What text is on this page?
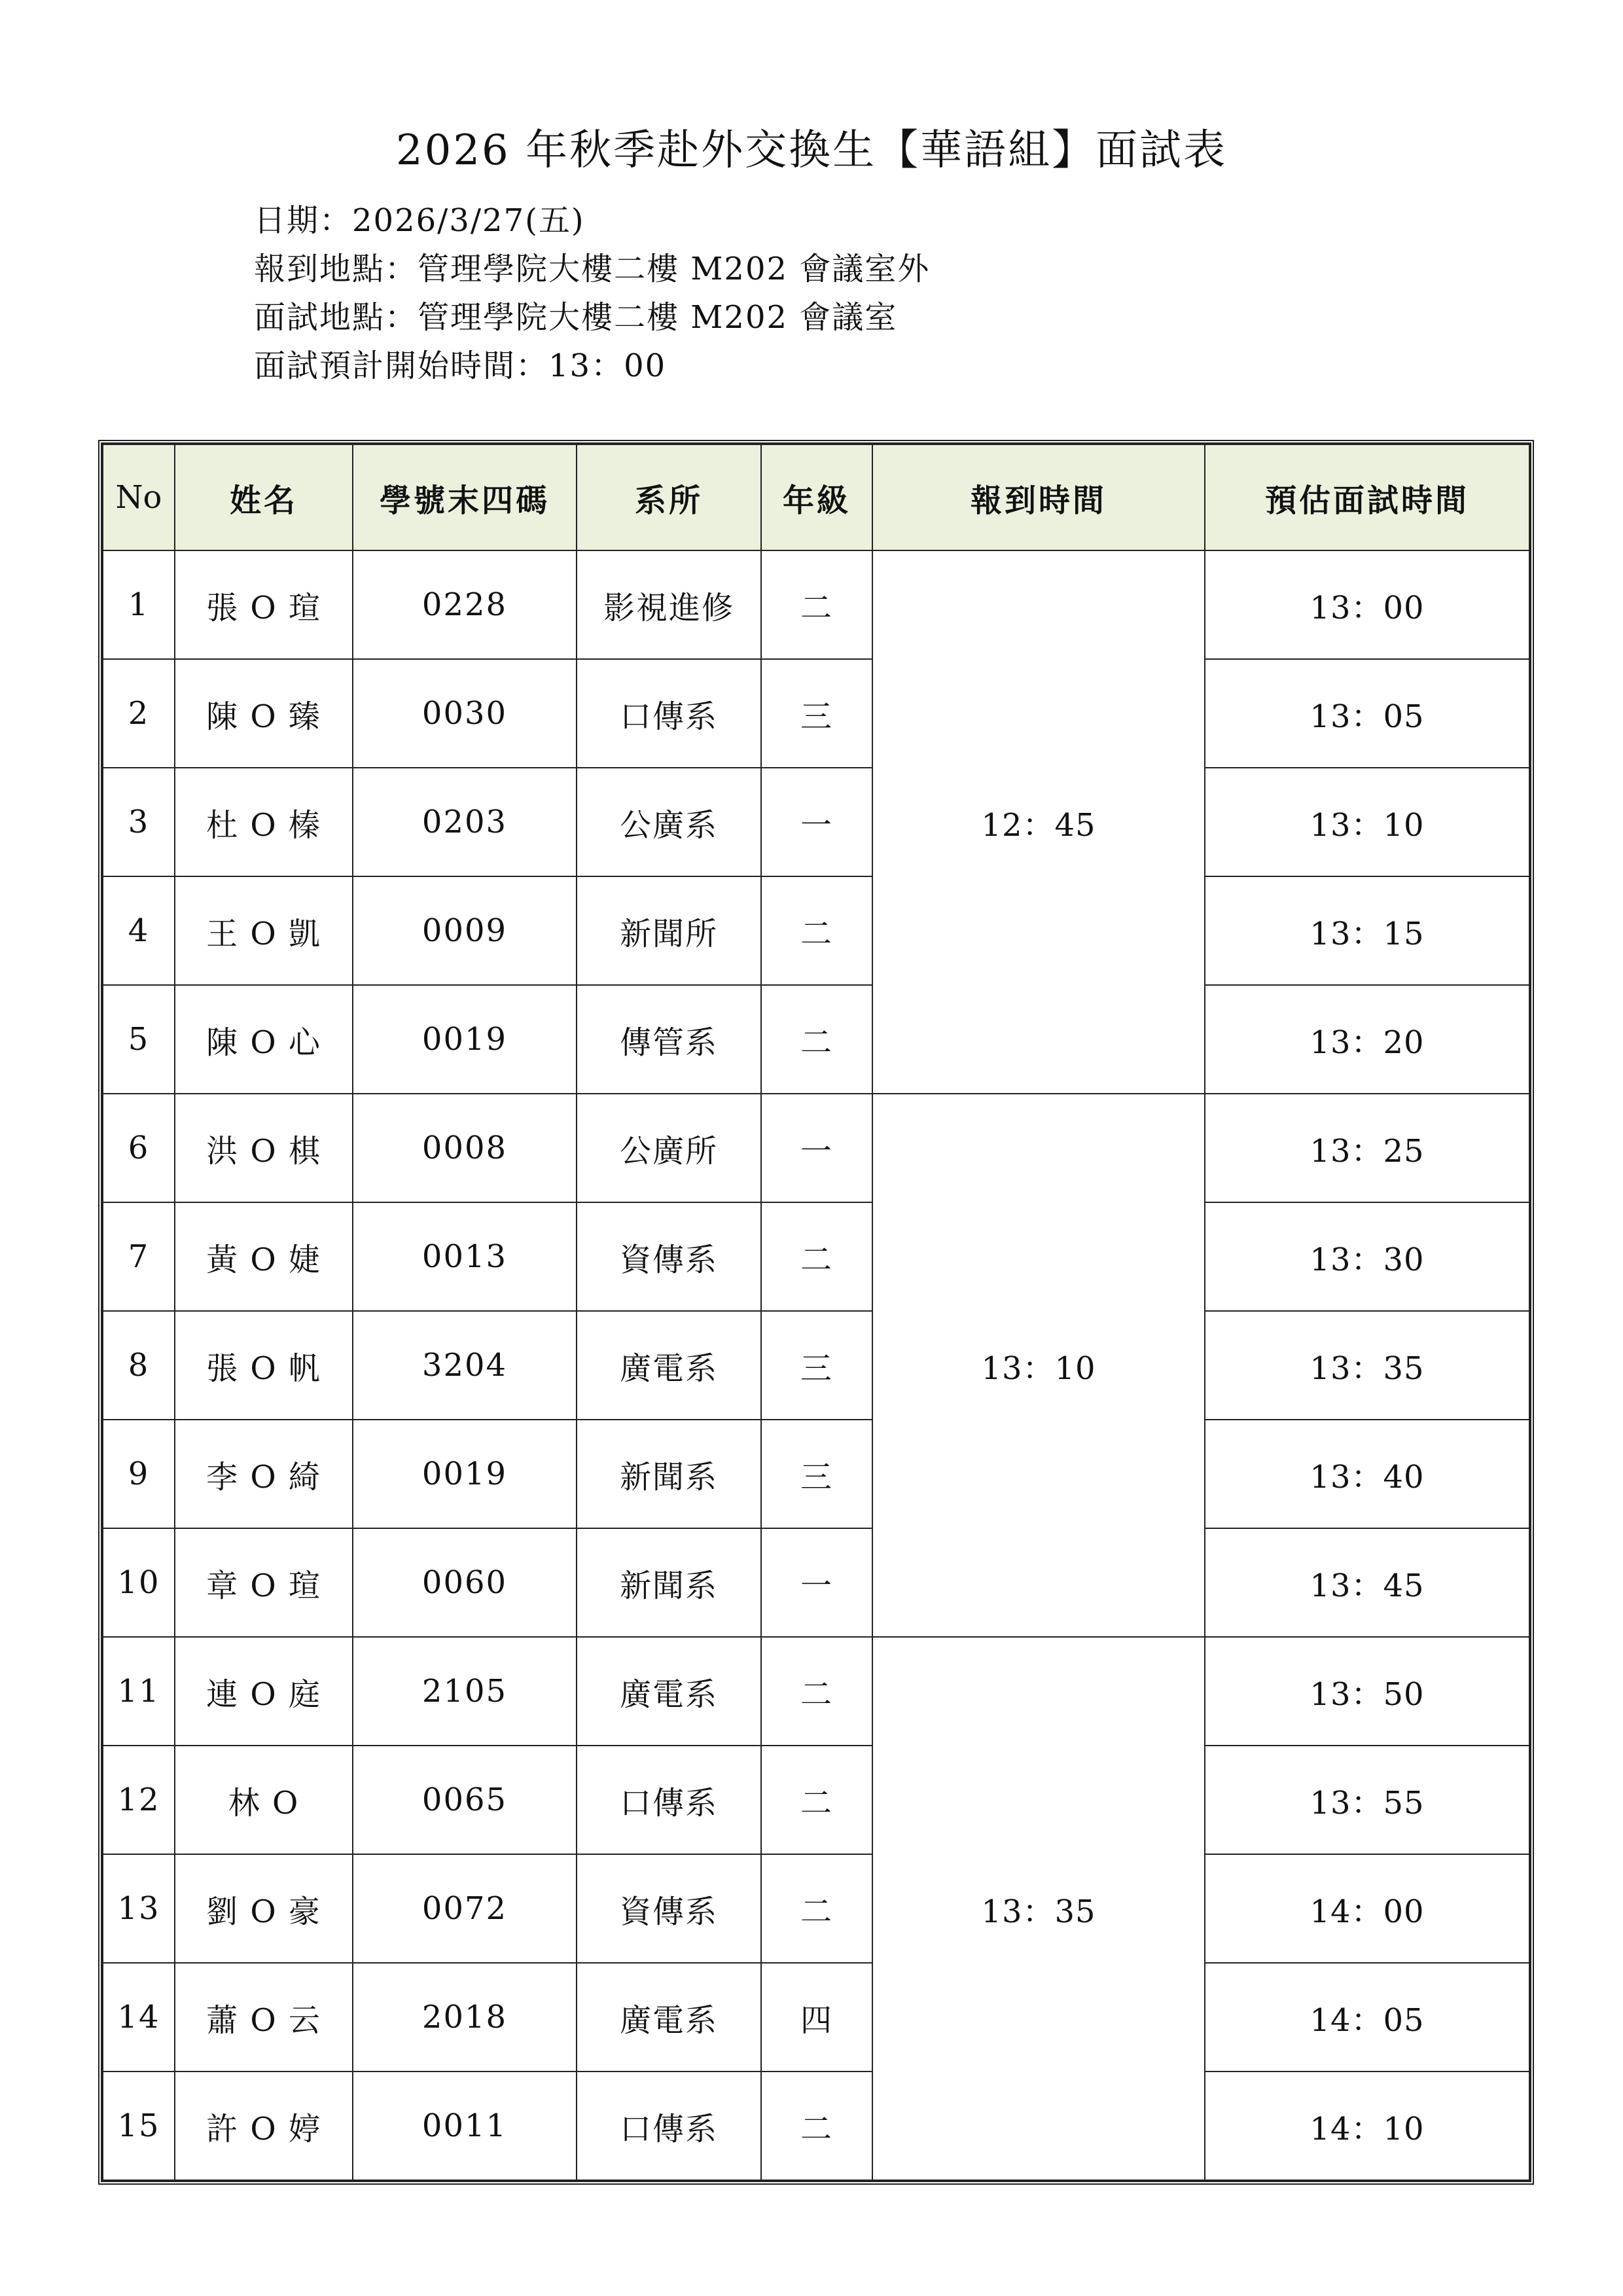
2026 年秋季赴外交換生【華語組】面試表
日期：2026/3/27(五)
報到地點：管理學院大樓二樓 M202 會議室外
面試地點：管理學院大樓二樓 M202 會議室
面試預計開始時間：13：00
No	姓名	學號末四碼	系所	年級	報到時間	預估面試時間
1	張 O 瑄	0228	影視進修	二	12：45	13：00
2	陳 O 臻	0030	口傳系	三		13：05
3	杜 O 榛	0203	公廣系	一		13：10
4	王 O 凱	0009	新聞所	二		13：15
5	陳 O 心	0019	傳管系	二		13：20
6	洪 O 棋	0008	公廣所	一	13：10	13：25
7	黃 O 婕	0013	資傳系	二		13：30
8	張 O 帆	3204	廣電系	三		13：35
9	李 O 綺	0019	新聞系	三		13：40
10	章 O 瑄	0060	新聞系	一		13：45
11	連 O 庭	2105	廣電系	二	13：35	13：50
12	林 O	0065	口傳系	二		13：55
13	劉 O 豪	0072	資傳系	二		14：00
14	蕭 O 云	2018	廣電系	四		14：05
15	許 O 婷	0011	口傳系	二		14：10
